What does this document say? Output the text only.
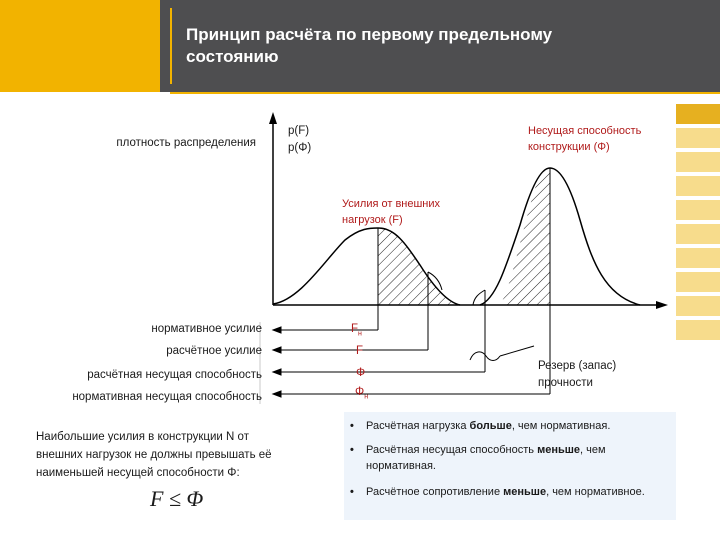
Принцип расчёта по первому предельному состоянию
плотность распределения
p(F)
p(Φ)
Несущая способность
конструкции (Φ)
Усилия от внешних
нагрузок (F)
нормативное усилие
расчётное усилие
расчётная несущая способность
нормативная несущая способность
$F_н$
F
Φ
$\Phi_н$
Резерв (запас)
прочности
Наибольшие усилия в конструкции N от
внешних нагрузок не должны превышать её
наименьшей несущей способности Φ:
F ≤ Φ
• Расчётная нагрузка больше, чем нормативная.
• Расчётная несущая способность меньше, чем нормативная.
• Расчётное сопротивление меньше, чем нормативное.
